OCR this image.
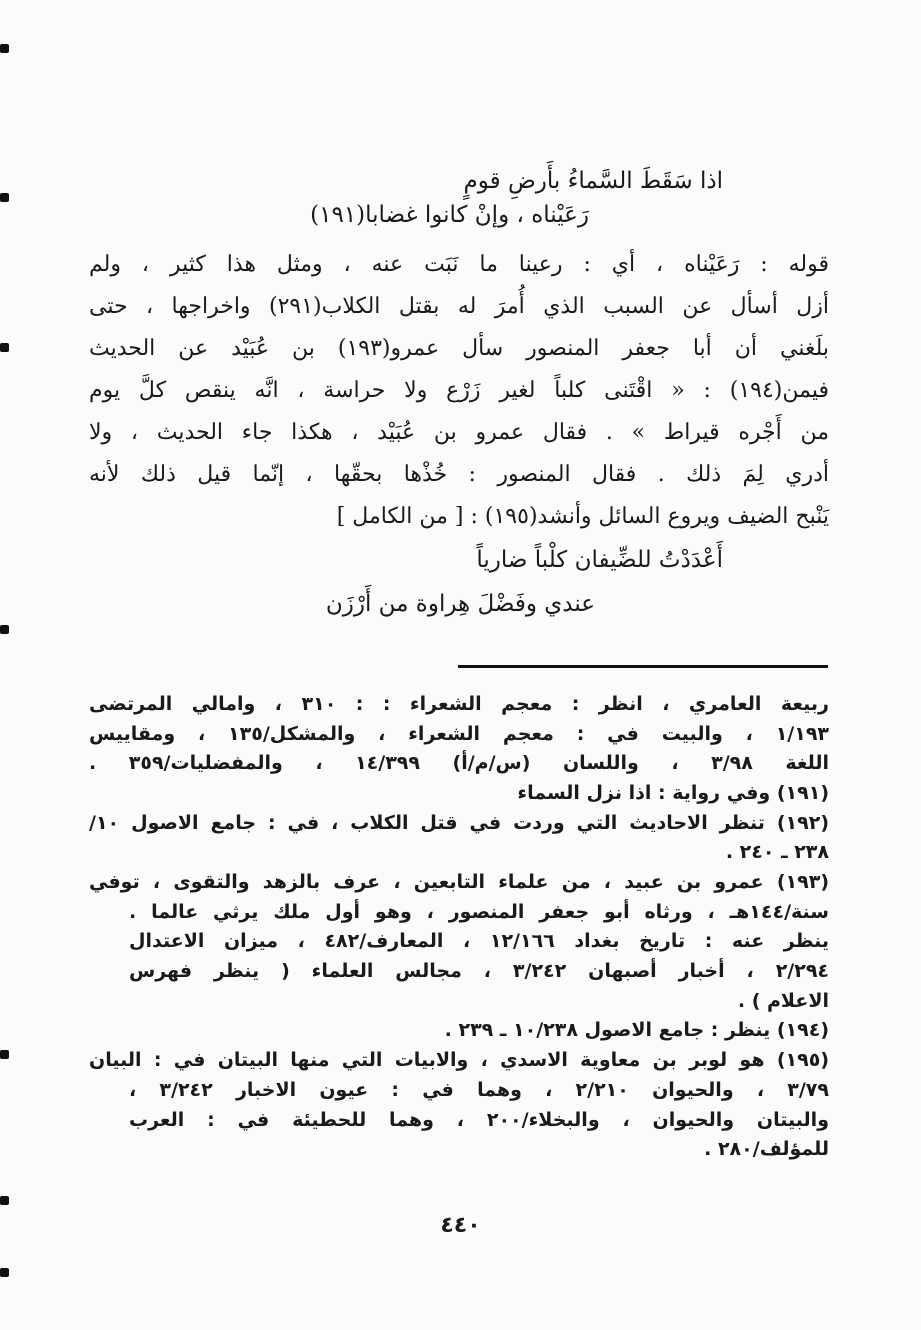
اذا سَقَطَ السَّماءُ بأَرضِ قومٍ
رَعَيْناه ، وإنْ كانوا غضابا(١٩١)
قوله : رَعَيْناه ، أي : رعينا ما نَبَت عنه ، ومثل هذا كثير ، ولم
أزل أسأل عن السبب الذي أُمرَ له بقتل الكلاب(٢٩١) واخراجها ، حتى
بلَغني أن أبا جعفر المنصور سأل عمرو(١٩٣) بن عُبَيْد عن الحديث
فيمن(١٩٤) : « اقْتَنى كلباً لغير زَرْع ولا حراسة ، انَّه ينقص كلَّ يوم
من أَجْره قيراط » . فقال عمرو بن عُبَيْد ، هكذا جاء الحديث ، ولا
أدري لِمَ ذلك . فقال المنصور : خُذْها بحقّها ، إنّما قيل ذلك لأنه
يَنْبح الضيف ويروع السائل وأنشد(١٩٥) : [ من الكامل ]
أَعْدَدْتُ للضِّيفان كلْباً ضارياً
عندي وفَضْلَ هِراوة من أَرْزَن
ربيعة العامري ، انظر : معجم الشعراء : : ٣١٠ ، وامالي المرتضى
١/١٩٣ ، والبيت في : معجم الشعراء ، والمشكل/١٣٥ ، ومقاييس
اللغة ٣/٩٨ ، واللسان (س/م/أ) ١٤/٣٩٩ ، والمفضليات/٣٥٩ .
(١٩١) وفي رواية : اذا نزل السماء
(١٩٢) تنظر الاحاديث التي وردت في قتل الكلاب ، في : جامع الاصول ١٠/
٢٣٨ ـ ٢٤٠ .
(١٩٣) عمرو بن عبيد ، من علماء التابعين ، عرف بالزهد والتقوى ، توفي
سنة/١٤٤هـ ، ورثاه أبو جعفر المنصور ، وهو أول ملك يرثي عالما .
ينظر عنه : تاريخ بغداد ١٢/١٦٦ ، المعارف/٤٨٢ ، ميزان الاعتدال
٢/٢٩٤ ، أخبار أصبهان ٣/٢٤٢ ، مجالس العلماء ( ينظر فهرس
الاعلام ) .
(١٩٤) ينظر : جامع الاصول ١٠/٢٣٨ ـ ٢٣٩ .
(١٩٥) هو لوبر بن معاوية الاسدي ، والابيات التي منها البيتان في : البيان
٣/٧٩ ، والحيوان ٢/٢١٠ ، وهما في : عيون الاخبار ٣/٢٤٢ ،
والبيتان والحيوان ، والبخلاء/٢٠٠ ، وهما للحطيئة في : العرب
للمؤلف/٢٨٠ .
٤٤٠
